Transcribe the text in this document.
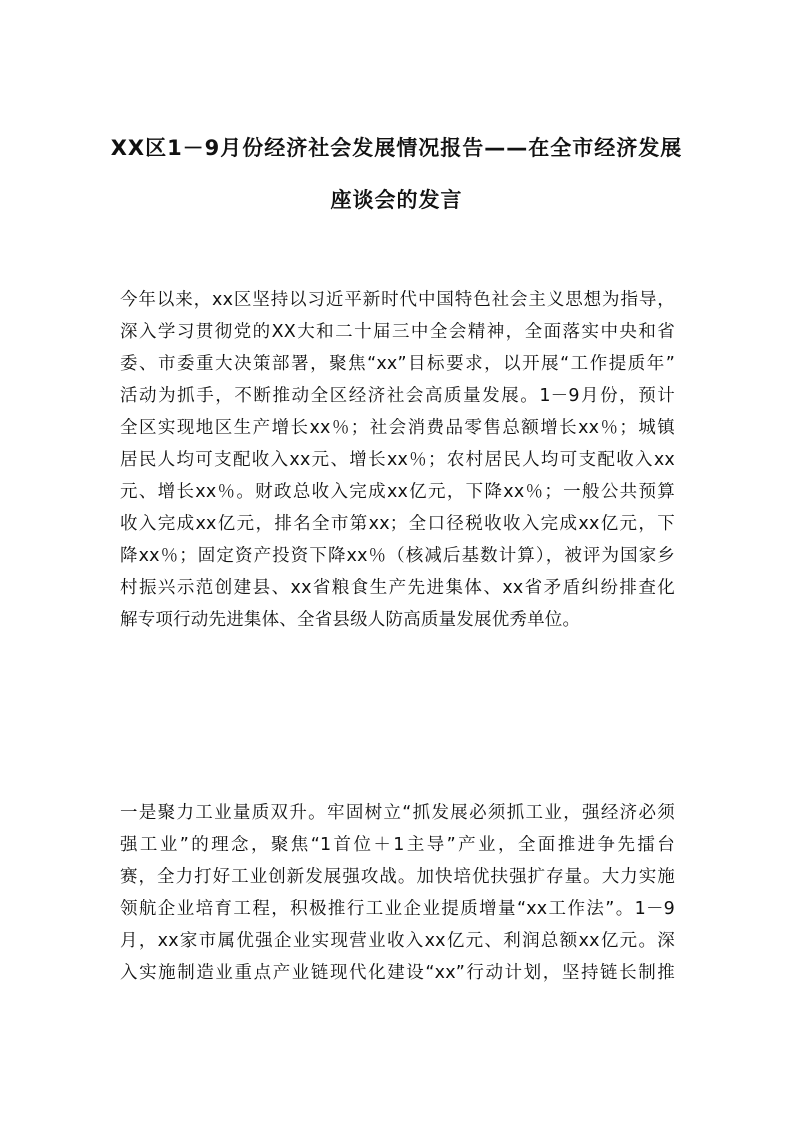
XX区1－9月份经济社会发展情况报告——在全市经济发展
座谈会的发言
今年以来，xx区坚持以习近平新时代中国特色社会主义思想为指导，
深入学习贯彻党的XX大和二十届三中全会精神，全面落实中央和省
委、市委重大决策部署，聚焦“xx”目标要求，以开展“工作提质年”
活动为抓手，不断推动全区经济社会高质量发展。1－9月份，预计
全区实现地区生产增长xx％；社会消费品零售总额增长xx％；城镇
居民人均可支配收入xx元、增长xx％；农村居民人均可支配收入xx
元、增长xx％。财政总收入完成xx亿元，下降xx％；一般公共预算
收入完成xx亿元，排名全市第xx；全口径税收收入完成xx亿元，下
降xx％；固定资产投资下降xx％（核减后基数计算），被评为国家乡
村振兴示范创建县、xx省粮食生产先进集体、xx省矛盾纠纷排查化
解专项行动先进集体、全省县级人防高质量发展优秀单位。
一是聚力工业量质双升。牢固树立“抓发展必须抓工业，强经济必须
强工业”的理念，聚焦“1首位＋1主导”产业，全面推进争先擂台
赛，全力打好工业创新发展强攻战。加快培优扶强扩存量。大力实施
领航企业培育工程，积极推行工业企业提质增量“xx工作法”。1－9
月，xx家市属优强企业实现营业收入xx亿元、利润总额xx亿元。深
入实施制造业重点产业链现代化建设“xx”行动计划，坚持链长制推
